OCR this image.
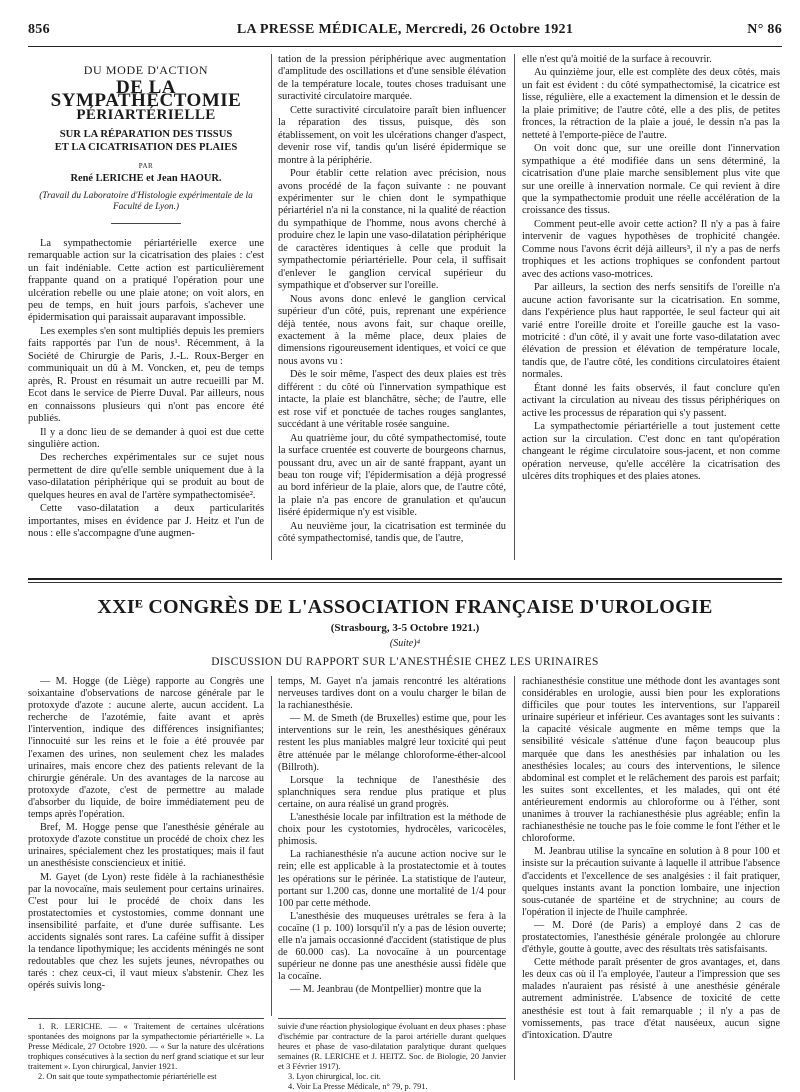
856	LA PRESSE MÉDICALE, Mercredi, 26 Octobre 1921	N° 86
DU MODE D'ACTION
DE LA SYMPATHECTOMIE
PÉRIARTÉRIELLE
SUR LA RÉPARATION DES TISSUS
ET LA CICATRISATION DES PLAIES
PAR
René LERICHE et Jean HAOUR.
(Travail du Laboratoire d'Histologie expérimentale de la Faculté de Lyon.)

La sympathectomie périartérielle exerce une remarquable action sur la cicatrisation des plaies : c'est un fait indéniable. Cette action est particulièrement frappante quand on a pratiqué l'opération pour une ulcération rebelle ou une plaie atone; on voit alors, en peu de temps, en huit jours parfois, s'achever une épidermisation qui paraissait auparavant impossible.

Les exemples s'en sont multipliés depuis les premiers faits rapportés par l'un de nous¹. Récemment, à la Société de Chirurgie de Paris, J.-L. Roux-Berger en communiquait un dû à M. Voncken, et, peu de temps après, R. Proust en résumait un autre recueilli par M. Ecot dans le service de Pierre Duval. Par ailleurs, nous en connaissons plusieurs qui n'ont pas encore été publiés.

Il y a donc lieu de se demander à quoi est due cette singulière action.

Des recherches expérimentales sur ce sujet nous permettent de dire qu'elle semble uniquement due à la vaso-dilatation périphérique qui se produit au bout de quelques heures en aval de l'artère sympathectomisée².

Cette vaso-dilatation a deux particularités importantes, mises en évidence par J. Heitz et l'un de nous : elle s'accompagne d'une augmen-

tation de la pression périphérique avec augmentation d'amplitude des oscillations et d'une sensible élévation de la température locale, toutes choses traduisant une suractivité circulatoire marquée.

Cette suractivité circulatoire paraît bien influencer la réparation des tissus, puisque, dès son établissement, on voit les ulcérations changer d'aspect, devenir rose vif, tandis qu'un liséré épidermique se montre à la périphérie.

Pour établir cette relation avec précision, nous avons procédé de la façon suivante : ne pouvant expérimenter sur le chien dont le sympathique périartériel n'a ni la constance, ni la qualité de réaction du sympathique de l'homme, nous avons cherché à produire chez le lapin une vaso-dilatation périphérique de caractères identiques à celle que produit la sympathectomie périartérielle. Pour cela, il suffisait d'enlever le ganglion cervical supérieur du sympathique et d'observer sur l'oreille.

Nous avons donc enlevé le ganglion cervical supérieur d'un côté, puis, reprenant une expérience déjà tentée, nous avons fait, sur chaque oreille, exactement à la même place, deux plaies de dimensions rigoureusement identiques, et voici ce que nous avons vu :

Dès le soir même, l'aspect des deux plaies est très différent : du côté où l'innervation sympathique est intacte, la plaie est blanchâtre, sèche; de l'autre, elle est rose vif et ponctuée de taches rouges sanglantes, succédant à une véritable rosée sanguine.

Au quatrième jour, du côté sympathectomisé, toute la surface cruentée est couverte de bourgeons charnus, poussant dru, avec un air de santé frappant, ayant un beau ton rouge vif; l'épidermisation a déjà progressé au bord inférieur de la plaie, alors que, de l'autre côté, la plaie n'a pas encore de granulation et qu'aucun liséré épidermique n'y est visible.

Au neuvième jour, la cicatrisation est terminée du côté sympathectomisé, tandis que, de l'autre,

elle n'est qu'à moitié de la surface à recouvrir.

Au quinzième jour, elle est complète des deux côtés, mais un fait est évident : du côté sympathectomisé, la cicatrice est lisse, régulière, elle a exactement la dimension et le dessin de la plaie primitive; de l'autre côté, elle a des plis, de petites fronces, la rétraction de la plaie a joué, le dessin n'a pas la netteté à l'emporte-pièce de l'autre.

On voit donc que, sur une oreille dont l'innervation sympathique a été modifiée dans un sens déterminé, la cicatrisation d'une plaie marche sensiblement plus vite que sur une oreille à innervation normale. Ce qui revient à dire que la sympathectomie produit une réelle accélération de la croissance des tissus.

Comment peut-elle avoir cette action? Il n'y a pas à faire intervenir de vagues hypothèses de trophicité changée. Comme nous l'avons écrit déjà ailleurs³, il n'y a pas de nerfs trophiques et les actions trophiques se confondent partout avec des actions vaso-motrices.

Par ailleurs, la section des nerfs sensitifs de l'oreille n'a aucune action favorisante sur la cicatrisation. En somme, dans l'expérience plus haut rapportée, le seul facteur qui ait varié entre l'oreille droite et l'oreille gauche est la vaso-motricité : d'un côté, il y avait une forte vaso-dilatation avec élévation de pression et élévation de température locale, tandis que, de l'autre côté, les conditions circulatoires étaient normales.

Étant donné les faits observés, il faut conclure qu'en activant la circulation au niveau des tissus périphériques on active les processus de réparation qui s'y passent.

La sympathectomie périartérielle a tout justement cette action sur la circulation. C'est donc en tant qu'opération changeant le régime circulatoire sous-jacent, et non comme opération nerveuse, qu'elle accélère la cicatrisation des ulcères dits trophiques et des plaies atones.

XXIᴱ CONGRÈS DE L'ASSOCIATION FRANÇAISE D'UROLOGIE
(Strasbourg, 3-5 Octobre 1921.)
(Suite)⁴
DISCUSSION DU RAPPORT SUR L'ANESTHÉSIE CHEZ LES URINAIRES

— M. Hogge (de Liège) rapporte au Congrès une soixantaine d'observations de narcose générale par le protoxyde d'azote : aucune alerte, aucun accident. La recherche de l'azotémie, faite avant et après l'intervention, indique des différences insignifiantes; l'innocuité sur les reins et le foie a été prouvée par l'examen des urines, non seulement chez les malades urinaires, mais encore chez des patients relevant de la chirurgie générale. Un des avantages de la narcose au protoxyde d'azote, c'est de permettre au malade d'absorber du liquide, de boire immédiatement peu de temps après l'opération.

Bref, M. Hogge pense que l'anesthésie générale au protoxyde d'azote constitue un procédé de choix chez les urinaires, spécialement chez les prostatiques; mais il faut un anesthésiste consciencieux et initié.

M. Gayet (de Lyon) reste fidèle à la rachianesthésie par la novocaïne, mais seulement pour certains urinaires. C'est pour lui le procédé de choix dans les prostatectomies et cystostomies, comme donnant une insensibilité parfaite, et d'une durée suffisante. Les accidents signalés sont rares. La caféine suffit à dissiper la tendance lipothymique; les accidents méningés ne sont redoutables que chez les sujets jeunes, névropathes ou tarés : chez ceux-ci, il vaut mieux s'abstenir. Chez les opérés suivis long-

temps, M. Gayet n'a jamais rencontré les altérations nerveuses tardives dont on a voulu charger le bilan de la rachianesthésie.

— M. de Smeth (de Bruxelles) estime que, pour les interventions sur le rein, les anesthésiques généraux restent les plus maniables malgré leur toxicité qui peut être atténuée par le mélange chloroforme-éther-alcool (Billroth).

Lorsque la technique de l'anesthésie des splanchniques sera rendue plus pratique et plus certaine, on aura réalisé un grand progrès.

L'anesthésie locale par infiltration est la méthode de choix pour les cystotomies, hydrocèles, varicocèles, phimosis.

La rachianesthésie n'a aucune action nocive sur le rein; elle est applicable à la prostatectomie et à toutes les opérations sur le périnée. La statistique de l'auteur, portant sur 1.200 cas, donne une mortalité de 1/4 pour 100 par cette méthode.

L'anesthésie des muqueuses urétrales se fera à la cocaïne (1 p. 100) lorsqu'il n'y a pas de lésion ouverte; elle n'a jamais occasionné d'accident (statistique de plus de 60.000 cas). La novocaïne à un pourcentage supérieur ne donne pas une anesthésie aussi fidèle que la cocaïne.

— M. Jeanbrau (de Montpellier) montre que la

rachianesthésie constitue une méthode dont les avantages sont considérables en urologie, aussi bien pour les explorations difficiles que pour toutes les interventions, sur l'appareil urinaire supérieur et inférieur. Ces avantages sont les suivants : la capacité vésicale augmente en même temps que la sensibilité vésicale s'atténue d'une façon beaucoup plus marquée que dans les anesthésies par inhalation ou les anesthésies locales; au cours des interventions, le silence abdominal est complet et le relâchement des parois est parfait; les suites sont excellentes, et les malades, qui ont été antérieurement endormis au chloroforme ou à l'éther, sont unanimes à trouver la rachianesthésie plus agréable; enfin la rachianesthésie ne touche pas le foie comme le font l'éther et le chloroforme.

M. Jeanbrau utilise la syncaïne en solution à 8 pour 100 et insiste sur la précaution suivante à laquelle il attribue l'absence d'accidents et l'excellence de ses analgésies : il fait pratiquer, quelques instants avant la ponction lombaire, une injection sous-cutanée de spartéine et de strychnine; au cours de l'opération il injecte de l'huile camphrée.

— M. Doré (de Paris) a employé dans 2 cas de prostatectomies, l'anesthésie générale prolongée au chlorure d'éthyle, goutte à goutte, avec des résultats très satisfaisants.

Cette méthode paraît présenter de gros avantages, et, dans les deux cas où il l'a employée, l'auteur a l'impression que ses malades n'auraient pas résisté à une anesthésie générale autrement administrée. L'absence de toxicité de cette anesthésie est tout à fait remarquable ; il n'y a pas de vomissements, pas trace d'état nauséeux, aucun signe d'intoxication. D'autre

1. R. LERICHE. — « Traitement de certaines ulcérations spontanées des moignons par la sympathectomie périartérielle ». La Presse Médicale, 27 Octobre 1920. — « Sur la nature des ulcérations trophiques consécutives à la section du nerf grand sciatique et sur leur traitement ». Lyon chirurgical, Janvier 1921.

2. On sait que toute sympathectomie périartérielle est

suivie d'une réaction physiologique évoluant en deux phases : phase d'ischémie par contracture de la paroi artérielle durant quelques heures et phase de vaso-dilatation paralytique durant quelques semaines (R. LERICHE et J. HEITZ. Soc. de Biologie, 20 Janvier et 3 Février 1917).

3. Lyon chirurgical, loc. cit.

4. Voir La Presse Médicale, n° 79, p. 791.
